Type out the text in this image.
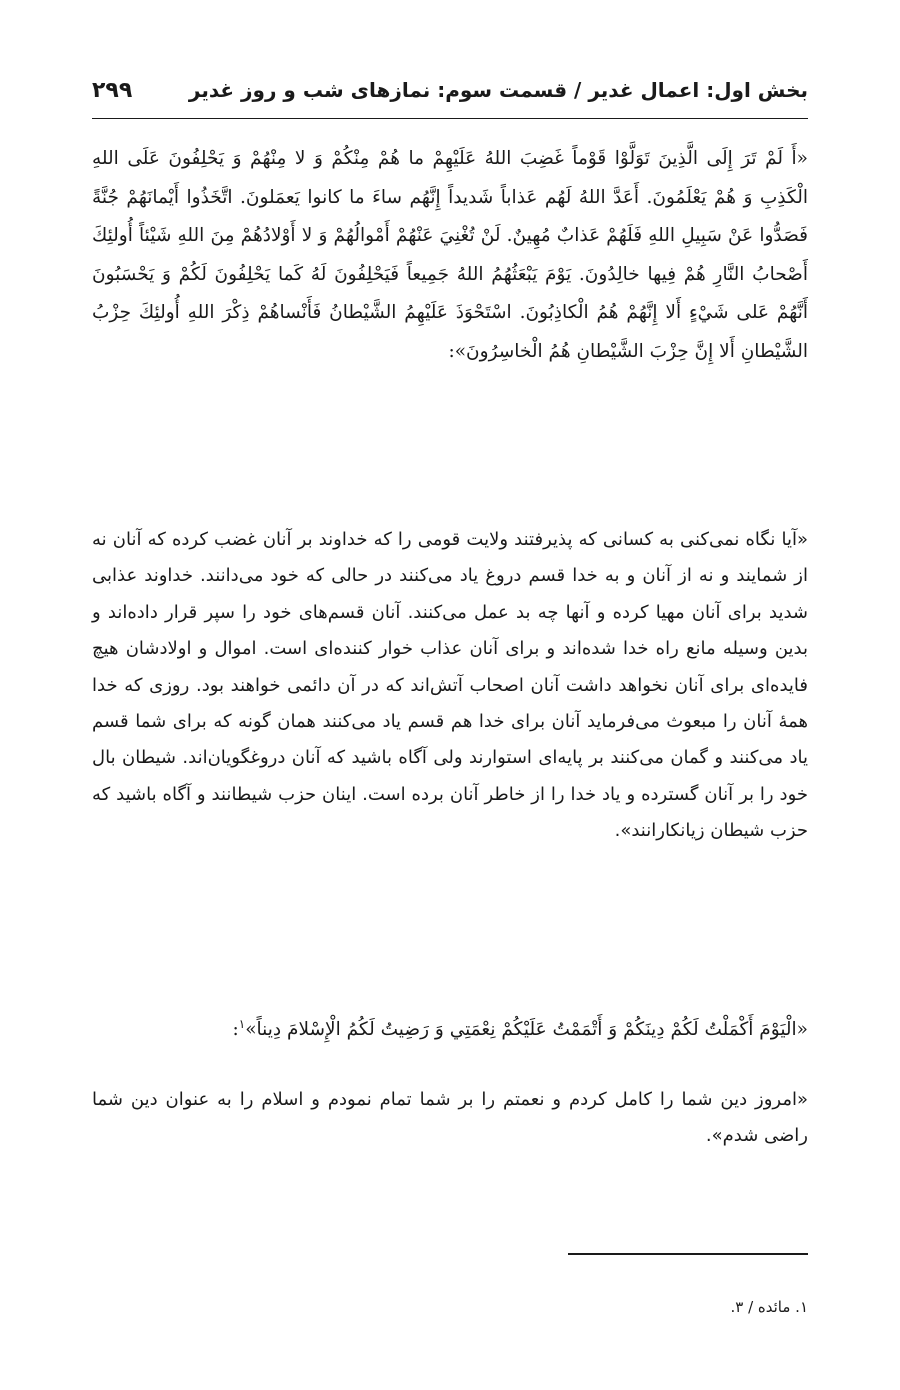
بخش اول: اعمال غدیر / قسمت سوم: نمازهای شب و روز غدیر
۲۹۹

«أَ لَمْ تَرَ إِلَى الَّذِينَ تَوَلَّوْا قَوْماً غَضِبَ اللهُ عَلَيْهِمْ ما هُمْ مِنْكُمْ وَ لا مِنْهُمْ وَ يَحْلِفُونَ عَلَى اللهِ الْكَذِبِ وَ هُمْ يَعْلَمُونَ. أَعَدَّ اللهُ لَهُم عَذاباً شَديداً إِنَّهُم ساءَ ما كانوا يَعمَلونَ. اتَّخَذُوا أَيْمانَهُمْ جُنَّةً فَصَدُّوا عَنْ سَبِيلِ اللهِ فَلَهُمْ عَذابٌ مُهِينٌ. لَنْ تُغْنِيَ عَنْهُمْ أَمْوالُهُمْ وَ لا أَوْلادُهُمْ مِنَ اللهِ شَيْئاً أُولئِكَ أَصْحابُ النَّارِ هُمْ فِيها خالِدُونَ. يَوْمَ يَبْعَثُهُمُ اللهُ جَمِيعاً فَيَحْلِفُونَ لَهُ كَما يَحْلِفُونَ لَكُمْ وَ يَحْسَبُونَ أَنَّهُمْ عَلى شَيْءٍ أَلا إِنَّهُمْ هُمُ الْكاذِبُونَ. اسْتَحْوَذَ عَلَيْهِمُ الشَّيْطانُ فَأَنْساهُمْ ذِكْرَ اللهِ أُولئِكَ حِزْبُ الشَّيْطانِ أَلا إِنَّ حِزْبَ الشَّيْطانِ هُمُ الْخاسِرُونَ»:

«آیا نگاه نمی‌کنی به کسانی که پذیرفتند ولایت قومی را که خداوند بر آنان غضب کرده که آنان نه از شمایند و نه از آنان و به خدا قسم دروغ یاد می‌کنند در حالی که خود می‌دانند. خداوند عذابی شدید برای آنان مهیا کرده و آنها چه بد عمل می‌کنند. آنان قسم‌های خود را سپر قرار داده‌اند و بدین وسیله مانع راه خدا شده‌اند و برای آنان عذاب خوار کننده‌ای است. اموال و اولادشان هیچ فایده‌ای برای آنان نخواهد داشت آنان اصحاب آتش‌اند که در آن دائمی خواهند بود. روزی که خدا همهٔ آنان را مبعوث می‌فرماید آنان برای خدا هم قسم یاد می‌کنند همان گونه که برای شما قسم یاد می‌کنند و گمان می‌کنند بر پایه‌ای استوارند ولی آگاه باشید که آنان دروغگویان‌اند. شیطان بال خود را بر آنان گسترده و یاد خدا را از خاطر آنان برده است. اینان حزب شیطانند و آگاه باشید که حزب شیطان زیانکارانند».

«الْيَوْمَ أَكْمَلْتُ لَكُمْ دِينَكُمْ وَ أَتْمَمْتُ عَلَيْكُمْ نِعْمَتِي وَ رَضِيتُ لَكُمُ الْإِسْلامَ دِيناً»$^۱$:

«امروز دین شما را کامل کردم و نعمتم را بر شما تمام نمودم و اسلام را به عنوان دین شما راضی شدم».

۱. مائده / ۳.
